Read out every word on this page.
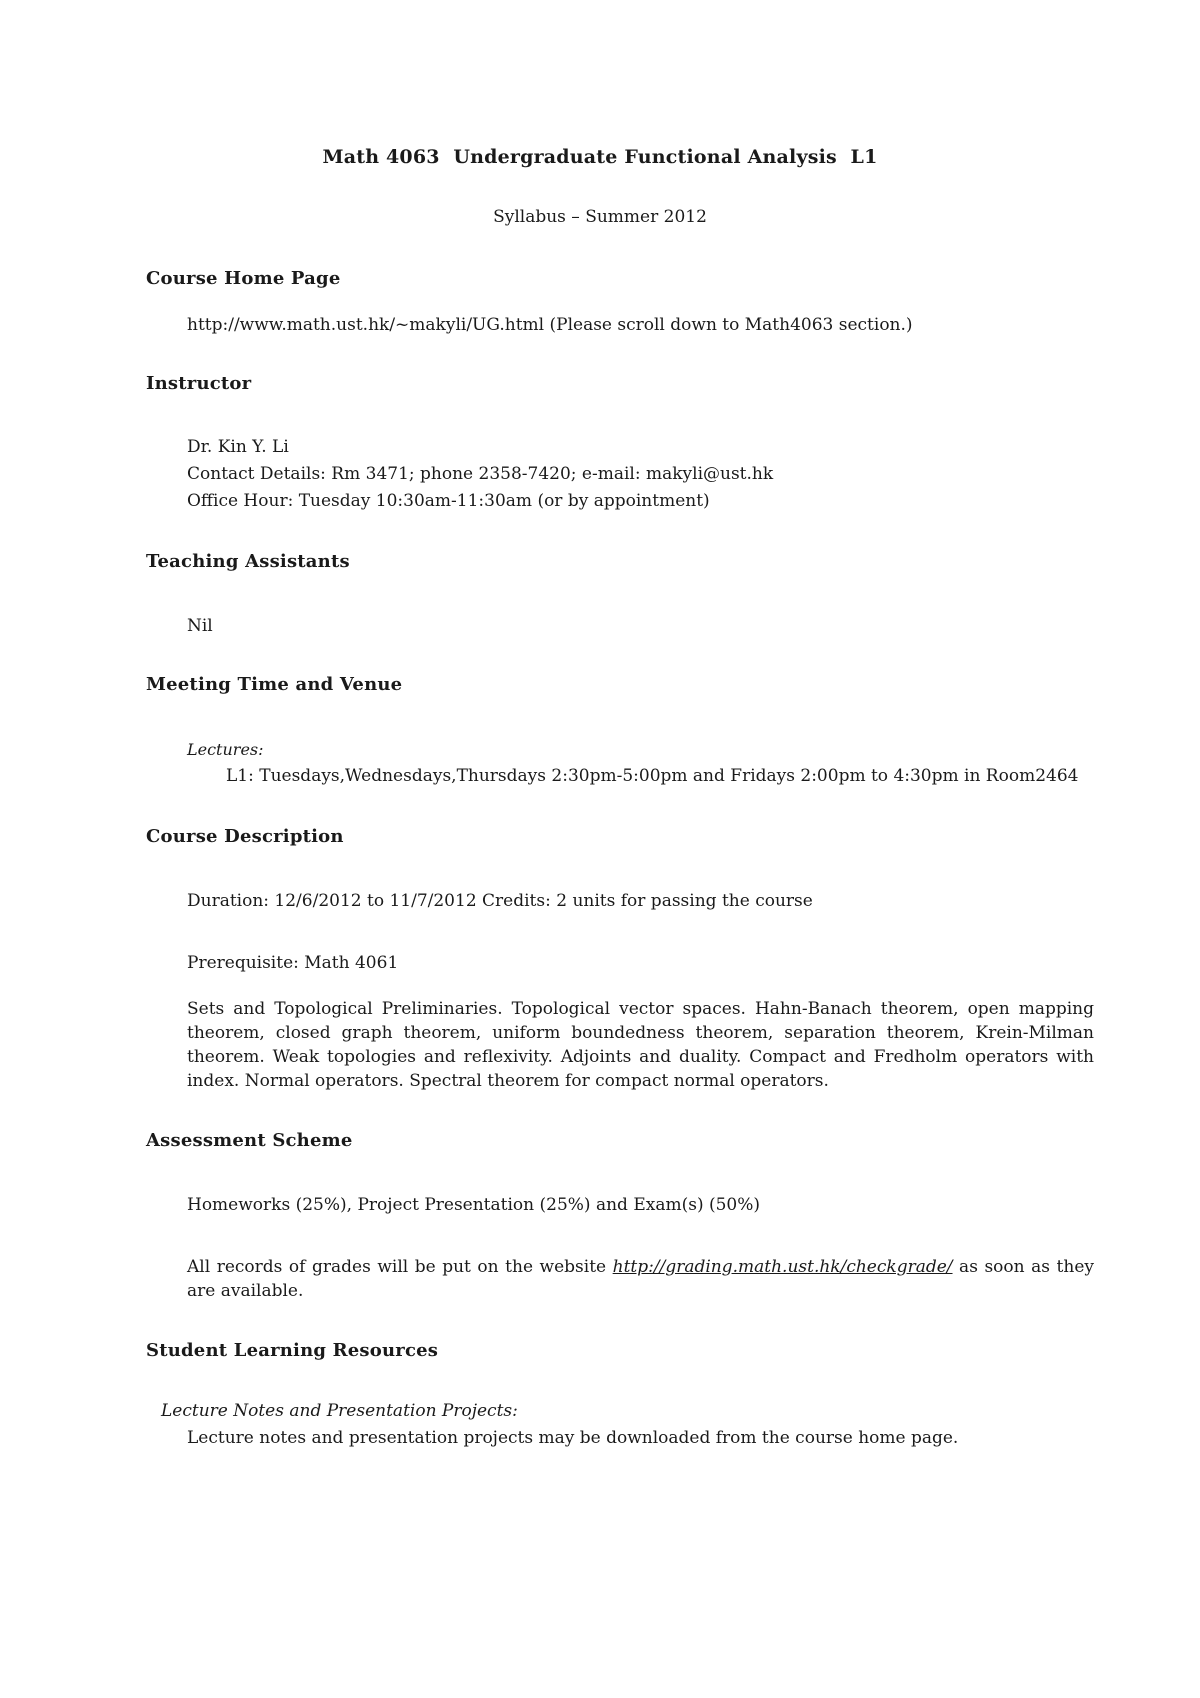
Math 4063  Undergraduate Functional Analysis  L1
Syllabus – Summer 2012
Course Home Page
http://www.math.ust.hk/~makyli/UG.html (Please scroll down to Math4063 section.)
Instructor
Dr. Kin Y. Li
Contact Details: Rm 3471; phone 2358-7420; e-mail: makyli@ust.hk
Office Hour: Tuesday 10:30am-11:30am (or by appointment)
Teaching Assistants
Nil
Meeting Time and Venue
Lectures:
L1: Tuesdays,Wednesdays,Thursdays 2:30pm-5:00pm and Fridays 2:00pm to 4:30pm in Room2464
Course Description
Duration: 12/6/2012 to 11/7/2012 Credits: 2 units for passing the course
Prerequisite: Math 4061
Sets and Topological Preliminaries. Topological vector spaces. Hahn-Banach theorem, open mapping theorem, closed graph theorem, uniform boundedness theorem, separation theorem, Krein-Milman theorem. Weak topologies and reflexivity. Adjoints and duality. Compact and Fredholm operators with index. Normal operators. Spectral theorem for compact normal operators.
Assessment Scheme
Homeworks (25%), Project Presentation (25%) and Exam(s) (50%)
All records of grades will be put on the website http://grading.math.ust.hk/checkgrade/ as soon as they are available.
Student Learning Resources
Lecture Notes and Presentation Projects:
Lecture notes and presentation projects may be downloaded from the course home page.
